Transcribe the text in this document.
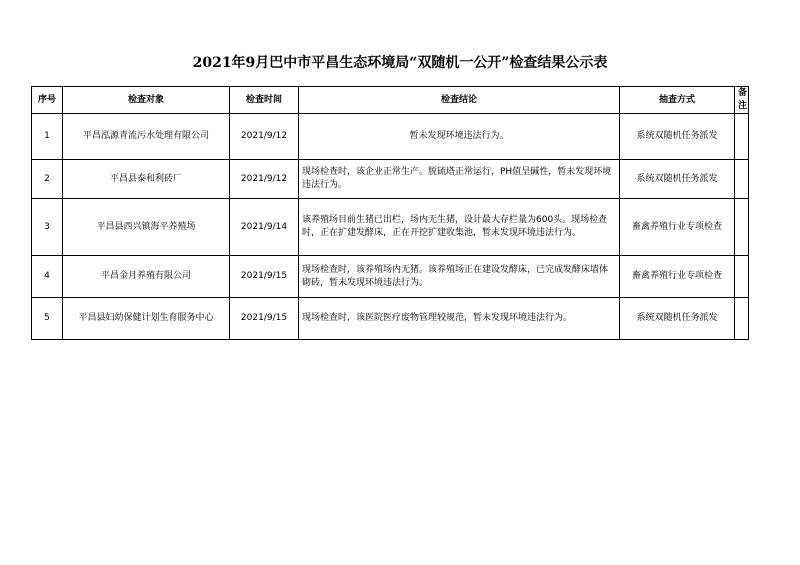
2021年9月巴中市平昌生态环境局“双随机一公开”检查结果公示表
序号	检查对象	检查时间	检查结论	抽查方式	备注
1	平昌泓源青流污水处理有限公司	2021/9/12	暂未发现环境违法行为。	系统双随机任务派发	
2	平昌县泰和利砖厂	2021/9/12	现场检查时，该企业正常生产。脱硫塔正常运行，PH值呈碱性，暂未发现环境违法行为。	系统双随机任务派发	
3	平昌县西兴镇海平养殖场	2021/9/14	该养殖场目前生猪已出栏，场内无生猪，设计最大存栏量为600头。现场检查时，正在扩建发酵床，正在开挖扩建收集池，暂未发现环境违法行为。	畜禽养殖行业专项检查	
4	平昌金月养殖有限公司	2021/9/15	现场检查时，该养殖场内无猪。该养殖场正在建设发酵床，已完成发酵床墙体砌砖，暂未发现环境违法行为。	畜禽养殖行业专项检查	
5	平昌县妇幼保健计划生育服务中心	2021/9/15	现场检查时，该医院医疗废物管理较规范，暂未发现环境违法行为。	系统双随机任务派发	
